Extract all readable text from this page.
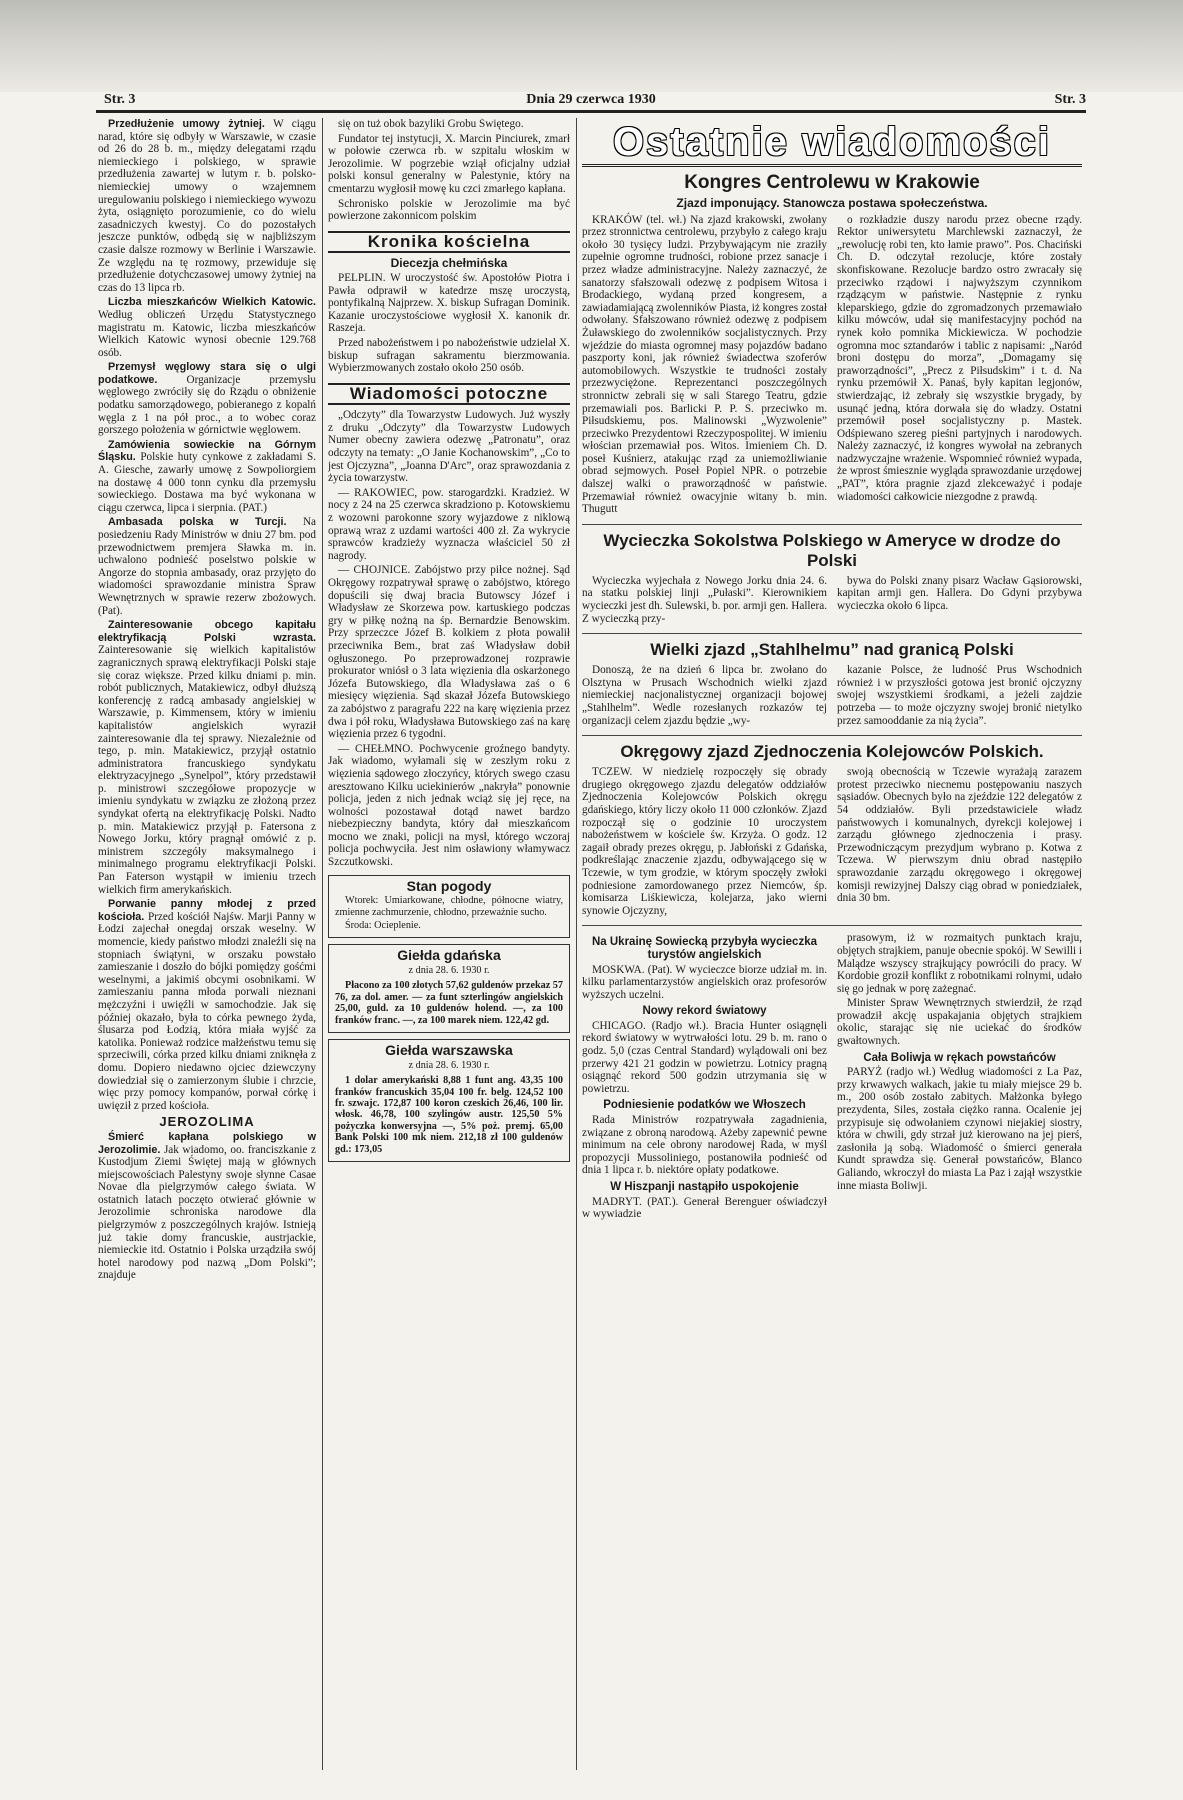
Str. 3	Dnia 29 czerwca 1930	Str. 3

Przedłużenie umowy żytniej. W ciągu narad, które się odbyły w Warszawie, w czasie od 26 do 28 b. m., między delegatami rządu niemieckiego i polskiego, w sprawie przedłużenia zawartej w lutym r. b. polsko-niemieckiej umowy o wzajemnem uregulowaniu polskiego i niemieckiego wywozu żyta, osiągnięto porozumienie, co do wielu zasadniczych kwestyj. Co do pozostałych jeszcze punktów, odbędą się w najbliższym czasie dalsze rozmowy w Berlinie i Warszawie. Ze względu na tę rozmowy, przewiduje się przedłużenie dotychczasowej umowy żytniej na czas do 13 lipca rb.

Liczba mieszkańców Wielkich Katowic. Według obliczeń Urzędu Statystycznego magistratu m. Katowic, liczba mieszkańców Wielkich Katowic wynosi obecnie 129.768 osób.

Przemysł węglowy stara się o ulgi podatkowe.	Organizacje przemysłu węglowego zwróciły się do Rządu o obniżenie podatku samorządowego, pobieranego z kopalń węgla z 1 na pół proc., a to wobec coraz gorszego położenia w górnictwie węglowem.

Zamówienia sowieckie na Górnym Śląsku. Polskie huty cynkowe z zakładami S. A. Giesche, zawarły umowę z Sowpoliorgiem na dostawę 4 000 tonn cynku dla przemysłu sowieckiego. Dostawa ma być wykonana w ciągu czerwca, lipca i sierpnia. (PAT.)

Ambasada polska w Turcji. Na posiedzeniu Rady Ministrów w dniu 27 bm. pod przewodnictwem premjera Sławka m. in. uchwalono podnieść poselstwo polskie w Angorze do stopnia ambasady, oraz przyjęto do wiadomości sprawozdanie ministra Spraw Wewnętrznych w sprawie rezerw zbożowych. (Pat).

Zainteresowanie obcego kapitału elektryfikacją Polski wzrasta. Zainteresowanie się wielkich kapitalistów zagranicznych sprawą elektryfikacji Polski staje się coraz większe. Przed kilku dniami p. min. robót publicznych, Matakiewicz, odbył dłuższą konferencję z radcą ambasady angielskiej w Warszawie, p. Kimmensem, który w imieniu kapitalistów angielskich wyraził zainteresowanie dla tej sprawy. Niezależnie od tego, p. min. Matakiewicz, przyjął ostatnio administratora francuskiego syndykatu elektryzacyjnego „Synelpol”, który przedstawił p. ministrowi szczegółowe propozycje w imieniu syndykatu w związku ze złożoną przez syndykat ofertą na elektryfikację Polski. Nadto p. min. Matakiewicz przyjął p. Fatersona z Nowego Jorku, który pragnął omówić z p. ministrem szczegóły maksymalnego i minimalnego programu elektryfikacji Polski. Pan Faterson wystąpił w imieniu trzech wielkich firm amerykańskich.

Porwanie panny młodej z przed kościoła. Przed kościół Najśw. Marji Panny w Łodzi zajechał onegdaj orszak weselny. W momencie, kiedy państwo młodzi znaleźli się na stopniach świątyni, w orszaku powstało zamieszanie i doszło do bójki pomiędzy gośćmi weselnymi, a jakimiś obcymi osobnikami. W zamieszaniu panna młoda porwali nieznani mężczyźni i uwięźli w samochodzie. Jak się później okazało, była to córka pewnego żyda, ślusarza pod Łodzią, która miała wyjść za katolika. Ponieważ rodzice małżeństwu temu się sprzeciwili, córka przed kilku dniami zniknęła z domu. Dopiero niedawno ojciec dziewczyny dowiedział się o zamierzonym ślubie i chrzcie, więc przy pomocy kompanów, porwał córkę i uwięził z przed kościoła.

JEROZOLIMA

Śmierć kapłana polskiego w Jerozolimie. Jak wiadomo, oo. franciszkanie z Kustodjum Ziemi Świętej mają w głównych miejscowościach Palestyny swoje słynne Casae Novae dla pielgrzymów całego świata. W ostatnich latach poczęto otwierać głównie w Jerozolimie schroniska narodowe dla pielgrzymów z poszczególnych krajów. Istnieją już takie domy francuskie, austrjackie, niemieckie itd. Ostatnio i Polska urządziła swój hotel narodowy pod nazwą „Dom Polski”; znajduje

się on tuż obok bazyliki Grobu Świętego.

Fundator tej instytucji, X. Marcin Pinciurek, zmarł w połowie czerwca rb. w szpitalu włoskim w Jerozolimie. W pogrzebie wziął oficjalny udział polski konsul generalny w Palestynie, który na cmentarzu wygłosił mowę ku czci zmarłego kapłana.

Schronisko polskie w Jerozolimie ma być powierzone zakonnicom polskim

Kronika kościelna
Diecezja chełmińska

PELPLIN. W uroczystość św. Apostołów Piotra i Pawła odprawił w katedrze mszę uroczystą, pontyfikalną Najprzew. X. biskup Sufragan Dominik. Kazanie uroczystościowe wygłosił X. kanonik dr. Raszeja.

Przed nabożeństwem i po nabożeństwie udzielał X. biskup sufragan sakramentu bierzmowania. Wybierzmowanych zostało około 250 osób.

Wiadomości potoczne

„Odczyty” dla Towarzystw Ludowych. Już wyszły z druku „Odczyty” dla Towarzystw Ludowych Numer obecny zawiera odezwę „Patronatu”, oraz odczyty na tematy: „O Janie Kochanowskim”, „Co to jest Ojczyzna”, „Joanna D'Arc”, oraz sprawozdania z życia towarzystw.

— RAKOWIEC, pow. starogardzki. Kradzież. W nocy z 24 na 25 czerwca skradziono p. Kotowskiemu z wozowni parokonne szory wyjazdowe z niklową oprawą wraz z uzdami wartości 400 zł. Za wykrycie sprawców kradzieży wyznacza właściciel 50 zł nagrody.

— CHOJNICE. Zabójstwo przy piłce nożnej. Sąd Okręgowy rozpatrywał sprawę o zabójstwo, którego dopuścili się dwaj bracia Butowscy Józef i Władysław ze Skorzewa pow. kartuskiego podczas gry w piłkę nożną na śp. Bernardzie Benowskim. Przy sprzeczce Józef B. kolkiem z płota powalił przeciwnika Bem., brat zaś Władysław dobił ogłuszonego. Po przeprowadzonej rozprawie prokurator wniósł o 3 lata więzienia dla oskarżonego Józefa Butowskiego, dla Władysława zaś o 6 miesięcy więzienia. Sąd skazał Józefa Butowskiego za zabójstwo z paragrafu 222 na karę więzienia przez dwa i pół roku, Władysława Butowskiego zaś na karę więzienia przez 6 tygodni.

— CHEŁMNO. Pochwycenie groźnego bandyty. Jak wiadomo, wyłamali się w zeszłym roku z więzienia sądowego złoczyńcy, których swego czasu aresztowano Kilku uciekinierów „nakryła” ponownie policja, jeden z nich jednak wciąż się jej ręce, na wolności pozostawał dotąd nawet bardzo niebezpieczny bandyta, który dał mieszkańcom mocno we znaki, policji na mysł, którego wczoraj policja pochwyciła. Jest nim osławiony włamywacz Szczutkowski.

Stan pogody

Wtorek: Umiarkowane, chłodne, północne wiatry, zmienne zachmurzenie, chłodno, przeważnie sucho.

Środa: Ocieplenie.

Giełda gdańska
z dnia 28. 6. 1930 r.

Płacono za 100 złotych 57,62 guldenów przekaz 57 76, za dol. amer. — za funt szterlingów angielskich 25,00, guld. za 10 guldenów holend. —, za 100 franków franc. —, za 100 marek niem. 122,42 gd.

Giełda warszawska
z dnia 28. 6. 1930 r.

1 dolar amerykański 8,88 1 funt ang. 43,35 100 franków francuskich 35,04 100 fr. belg. 124,52 100 fr. szwajc. 172,87 100 koron czeskich 26,46, 100 lir. włosk. 46,78, 100 szylingów austr. 125,50 5% pożyczka konwersyjna —, 5% poż. premj. 65,00 Bank Polski 100 mk niem. 212,18 zł 100 guldenów gd.: 173,05

Ostatnie wiadomości
Kongres Centrolewu w Krakowie
Zjazd imponujący. Stanowcza postawa społeczeństwa.

KRAKÓW (tel. wł.) Na zjazd krakowski, zwołany przez stronnictwa centrolewu, przybyło z całego kraju około 30 tysięcy ludzi. Przybywającym nie zraziły zupełnie ogromne trudności, robione przez sanacje i przez władze administracyjne. Należy zaznaczyć, że sanatorzy sfałszowali odezwę z podpisem Witosa i Brodackiego, wydaną przed kongresem, a zawiadamiającą zwolenników Piasta, iż kongres został odwołany. Sfałszowano również odezwę z podpisem Żuławskiego do zwolenników socjalistycznych. Przy wjeździe do miasta ogromnej masy pojazdów badano paszporty koni, jak również świadectwa szoferów automobilowych. Wszystkie te trudności zostały przezwyciężone. Reprezentanci poszczególnych stronnictw zebrali się w sali Starego Teatru, gdzie przemawiali pos. Barlicki P. P. S. przeciwko m. Piłsudskiemu, pos. Malinowski „Wyzwolenie” przeciwko Prezydentowi Rzeczypospolitej. W imieniu włościan przemawiał pos. Witos. Imieniem Ch. D. poseł Kuśnierz, atakując rząd za uniemożliwianie obrad sejmowych. Poseł Popiel NPR. o potrzebie dalszej walki o praworządność w państwie. Przemawiał również owacyjnie witany b. min. Thugutt

o rozkładzie duszy narodu przez obecne rządy. Rektor uniwersytetu Marchlewski zaznaczył, że „rewolucję robi ten, kto łamie prawo”. Pos. Chaciński Ch. D. odczytał rezolucje, które zostały skonfiskowane. Rezolucje bardzo ostro zwracały się przeciwko rządowi i najwyższym czynnikom rządzącym w państwie. Następnie z rynku kleparskiego, gdzie do zgromadzonych przemawiało kilku mówców, udał się manifestacyjny pochód na rynek koło pomnika Mickiewicza. W pochodzie ogromna moc sztandarów i tablic z napisami: „Naród broni dostępu do morza”, „Domagamy się praworządności”, „Precz z Piłsudskim” i t. d. Na rynku przemówił X. Panaś, były kapitan legjonów, stwierdzając, iż zebrały się wszystkie brygady, by usunąć jedną, która dorwała się do władzy. Ostatni przemówił poseł socjalistyczny p. Mastek. Odśpiewano szereg pieśni partyjnych i narodowych. Należy zaznaczyć, iż kongres wywołał na zebranych nadzwyczajne wrażenie. Wspomnieć również wypada, że wprost śmiesznie wygląda sprawozdanie urzędowej „PAT”, która pragnie zjazd zlekceważyć i podaje wiadomości całkowicie niezgodne z prawdą.

Wycieczka Sokolstwa Polskiego w Ameryce w drodze do Polski

Wycieczka wyjechała z Nowego Jorku dnia 24. 6. na statku polskiej linji „Pułaski”. Kierownikiem wycieczki jest dh. Sulewski, b. por. armji gen. Hallera. Z wycieczką przy-

bywa do Polski znany pisarz Wacław Gąsiorowski, kapitan armji gen. Hallera. Do Gdyni przybywa wycieczka około 6 lipca.

Wielki zjazd „Stahlhelmu” nad granicą Polski

Donoszą, że na dzień 6 lipca br. zwołano do Olsztyna w Prusach Wschodnich wielki zjazd niemieckiej nacjonalistycznej organizacji bojowej „Stahlhelm”. Wedle rozesłanych rozkazów tej organizacji celem zjazdu będzie „wy-

kazanie Polsce, że ludność Prus Wschodnich również i w przyszłości gotowa jest bronić ojczyzny swojej wszystkiemi środkami, a jeżeli zajdzie potrzeba — to może ojczyzny swojej bronić nietylko przez samooddanie za nią życia”.

Okręgowy zjazd Zjednoczenia Kolejowców Polskich.

TCZEW. W niedzielę rozpoczęły się obrady drugiego okręgowego zjazdu delegatów oddziałów Zjednoczenia Kolejowców Polskich okręgu gdańskiego, który liczy około 11 000 członków. Zjazd rozpoczął się o godzinie 10 uroczystem nabożeństwem w kościele św. Krzyża. O godz. 12 zagaił obrady prezes okręgu, p. Jabłoński z Gdańska, podkreślając znaczenie zjazdu, odbywającego się w Tczewie, w tym grodzie, w którym spoczęły zwłoki podniesione zamordowanego przez Niemców, śp. komisarza Liśkiewicza, kolejarza, jako wierni synowie Ojczyzny,

swoją obecnością w Tczewie wyrażają zarazem protest przeciwko niecnemu postępowaniu naszych sąsiadów. Obecnych było na zjeździe 122 delegatów z 54 oddziałów. Byli przedstawiciele władz państwowych i komunalnych, dyrekcji kolejowej i zarządu głównego zjednoczenia i prasy. Przewodniczącym prezydjum wybrano p. Kotwa z Tczewa. W pierwszym dniu obrad następiło sprawozdanie zarządu okręgowego i okręgowej komisji rewizyjnej Dalszy ciąg obrad w poniedziałek, dnia 30 bm.

Na Ukrainę Sowiecką przybyła wycieczka turystów angielskich

MOSKWA. (Pat). W wycieczce biorze udział m. in. kilku parlamentarzystów angielskich oraz profesorów wyższych uczelni.

Nowy rekord światowy

CHICAGO. (Radjo wł.). Bracia Hunter osiągnęli rekord światowy w wytrwałości lotu. 29 b. m. rano o godz. 5,0 (czas Central Standard) wylądowali oni bez przerwy 421 21 godzin w powietrzu. Lotnicy pragną osiągnąć rekord 500 godzin utrzymania się w powietrzu.

Podniesienie podatków we Włoszech

Rada Ministrów rozpatrywała zagadnienia, związane z obroną narodową. Ażeby zapewnić pewne minimum na cele obrony narodowej Rada, w myśl propozycji Mussoliniego, postanowiła podnieść od dnia 1 lipca r. b. niektóre opłaty podatkowe.

W Hiszpanji nastąpiło uspokojenie

MADRYT. (PAT.). Generał Berenguer oświadczył w wywiadzie

prasowym, iż w rozmaitych punktach kraju, objętych strajkiem, panuje obecnie spokój. W Sewilli i Malądze wszyscy strajkujący powrócili do pracy. W Kordobie groził konflikt z robotnikami rolnymi, udało się go jednak w porę zażegnać.

Minister Spraw Wewnętrznych stwierdził, że rząd prowadził akcję uspakajania objętych strajkiem okolic, starając się nie uciekać do środków gwałtownych.

Cała Boliwja w rękach powstańców

PARYŻ (radjo wł.) Według wiadomości z La Paz, przy krwawych walkach, jakie tu miały miejsce 29 b. m., 200 osób zostało zabitych. Małżonka byłego prezydenta, Siles, została ciężko ranna. Ocalenie jej przypisuje się odwołaniem czynowi niejakiej siostry, która w chwili, gdy strzał już kierowano na jej pierś, zasłoniła ją sobą. Wiadomość o śmierci generała Kundt sprawdza się. Generał powstańców, Blanco Galiando, wkroczył do miasta La Paz i zajął wszystkie inne miasta Boliwji.
